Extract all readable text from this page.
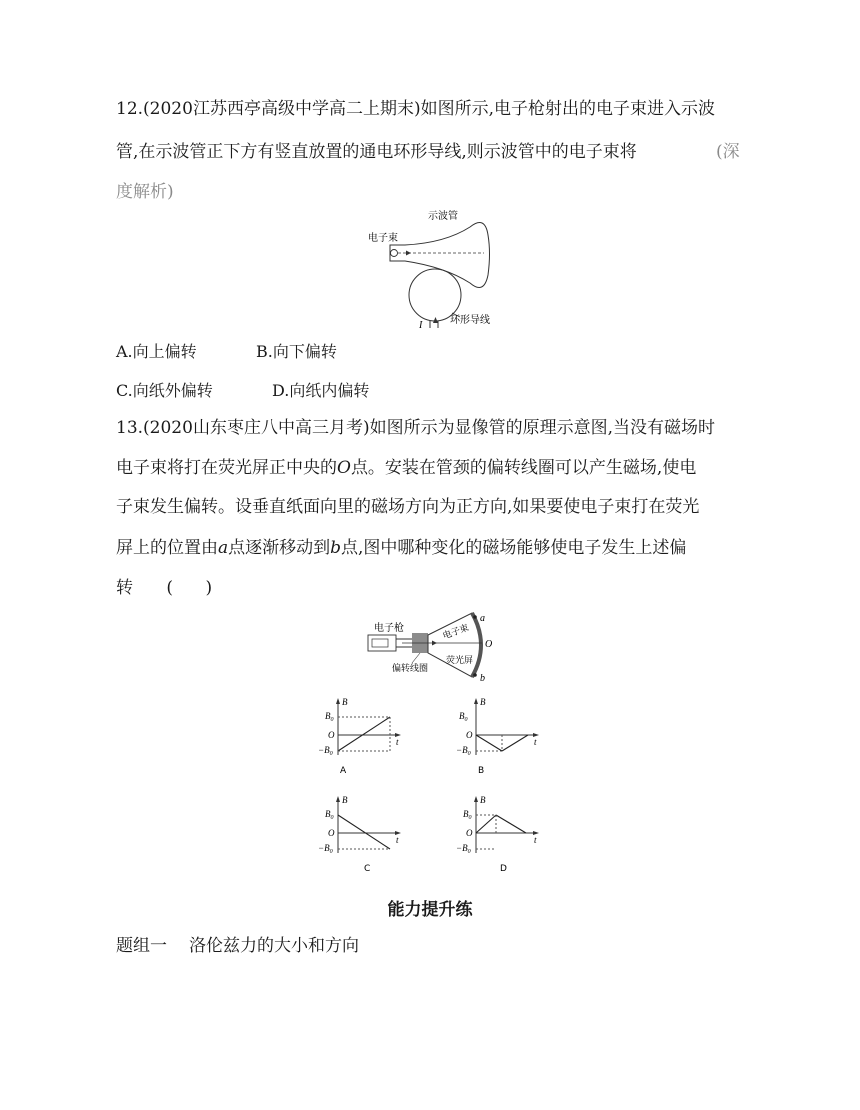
12.(2020江苏西亭高级中学高二上期末)如图所示,电子枪射出的电子束进入示波
管,在示波管正下方有竖直放置的通电环形导线,则示波管中的电子束将	(深
度解析)
示波管
电子束
I	环形导线
A.向上偏转	B.向下偏转
C.向纸外偏转	D.向纸内偏转
13.(2020山东枣庄八中高三月考)如图所示为显像管的原理示意图,当没有磁场时
电子束将打在荧光屏正中央的O点。安装在管颈的偏转线圈可以产生磁场,使电
子束发生偏转。设垂直纸面向里的磁场方向为正方向,如果要使电子束打在荧光
屏上的位置由a点逐渐移动到b点,图中哪种变化的磁场能够使电子发生上述偏
转 (      )
电子枪
a
O
b
电子束
荧光屏
偏转线圈
B
t
$B_0$
O
$-B_0$
A
B
t
$B_0$
O
$-B_0$
B
B
t
$B_0$
O
$-B_0$
C
B
t
$B_0$
O
$-B_0$
D
能力提升练
题组一 洛伦兹力的大小和方向
